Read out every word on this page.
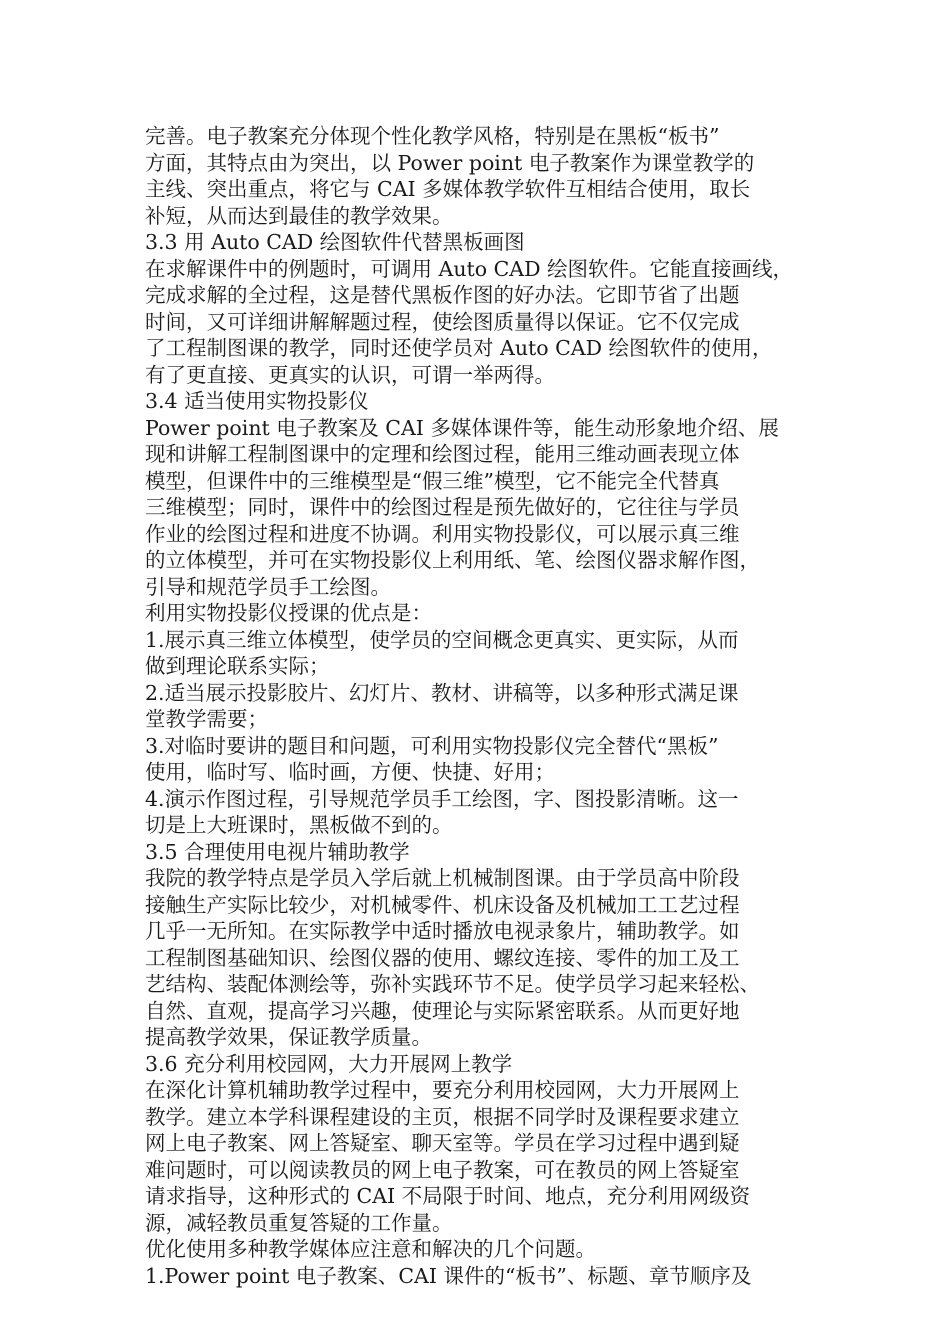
完善。电子教案充分体现个性化教学风格，特别是在黑板“板书”
方面，其特点由为突出，以 Power point 电子教案作为课堂教学的
主线、突出重点，将它与 CAI 多媒体教学软件互相结合使用，取长
补短，从而达到最佳的教学效果。
3.3 用 Auto CAD 绘图软件代替黑板画图
在求解课件中的例题时，可调用 Auto CAD 绘图软件。它能直接画线，
完成求解的全过程，这是替代黑板作图的好办法。它即节省了出题
时间，又可详细讲解解题过程，使绘图质量得以保证。它不仅完成
了工程制图课的教学，同时还使学员对 Auto CAD 绘图软件的使用，
有了更直接、更真实的认识，可谓一举两得。
3.4 适当使用实物投影仪
Power point 电子教案及 CAI 多媒体课件等，能生动形象地介绍、展
现和讲解工程制图课中的定理和绘图过程，能用三维动画表现立体
模型，但课件中的三维模型是“假三维”模型，它不能完全代替真
三维模型；同时，课件中的绘图过程是预先做好的，它往往与学员
作业的绘图过程和进度不协调。利用实物投影仪，可以展示真三维
的立体模型，并可在实物投影仪上利用纸、笔、绘图仪器求解作图，
引导和规范学员手工绘图。
利用实物投影仪授课的优点是：
1.展示真三维立体模型，使学员的空间概念更真实、更实际，从而
做到理论联系实际；
2.适当展示投影胶片、幻灯片、教材、讲稿等，以多种形式满足课
堂教学需要；
3.对临时要讲的题目和问题，可利用实物投影仪完全替代“黑板”
使用，临时写、临时画，方便、快捷、好用；
4.演示作图过程，引导规范学员手工绘图，字、图投影清晰。这一
切是上大班课时，黑板做不到的。
3.5 合理使用电视片辅助教学
我院的教学特点是学员入学后就上机械制图课。由于学员高中阶段
接触生产实际比较少，对机械零件、机床设备及机械加工工艺过程
几乎一无所知。在实际教学中适时播放电视录象片，辅助教学。如
工程制图基础知识、绘图仪器的使用、螺纹连接、零件的加工及工
艺结构、装配体测绘等，弥补实践环节不足。使学员学习起来轻松、
自然、直观，提高学习兴趣，使理论与实际紧密联系。从而更好地
提高教学效果，保证教学质量。
3.6 充分利用校园网，大力开展网上教学
在深化计算机辅助教学过程中，要充分利用校园网，大力开展网上
教学。建立本学科课程建设的主页，根据不同学时及课程要求建立
网上电子教案、网上答疑室、聊天室等。学员在学习过程中遇到疑
难问题时，可以阅读教员的网上电子教案，可在教员的网上答疑室
请求指导，这种形式的 CAI 不局限于时间、地点，充分利用网级资
源，减轻教员重复答疑的工作量。
优化使用多种教学媒体应注意和解决的几个问题。
1.Power point 电子教案、CAI 课件的“板书”、标题、章节顺序及
